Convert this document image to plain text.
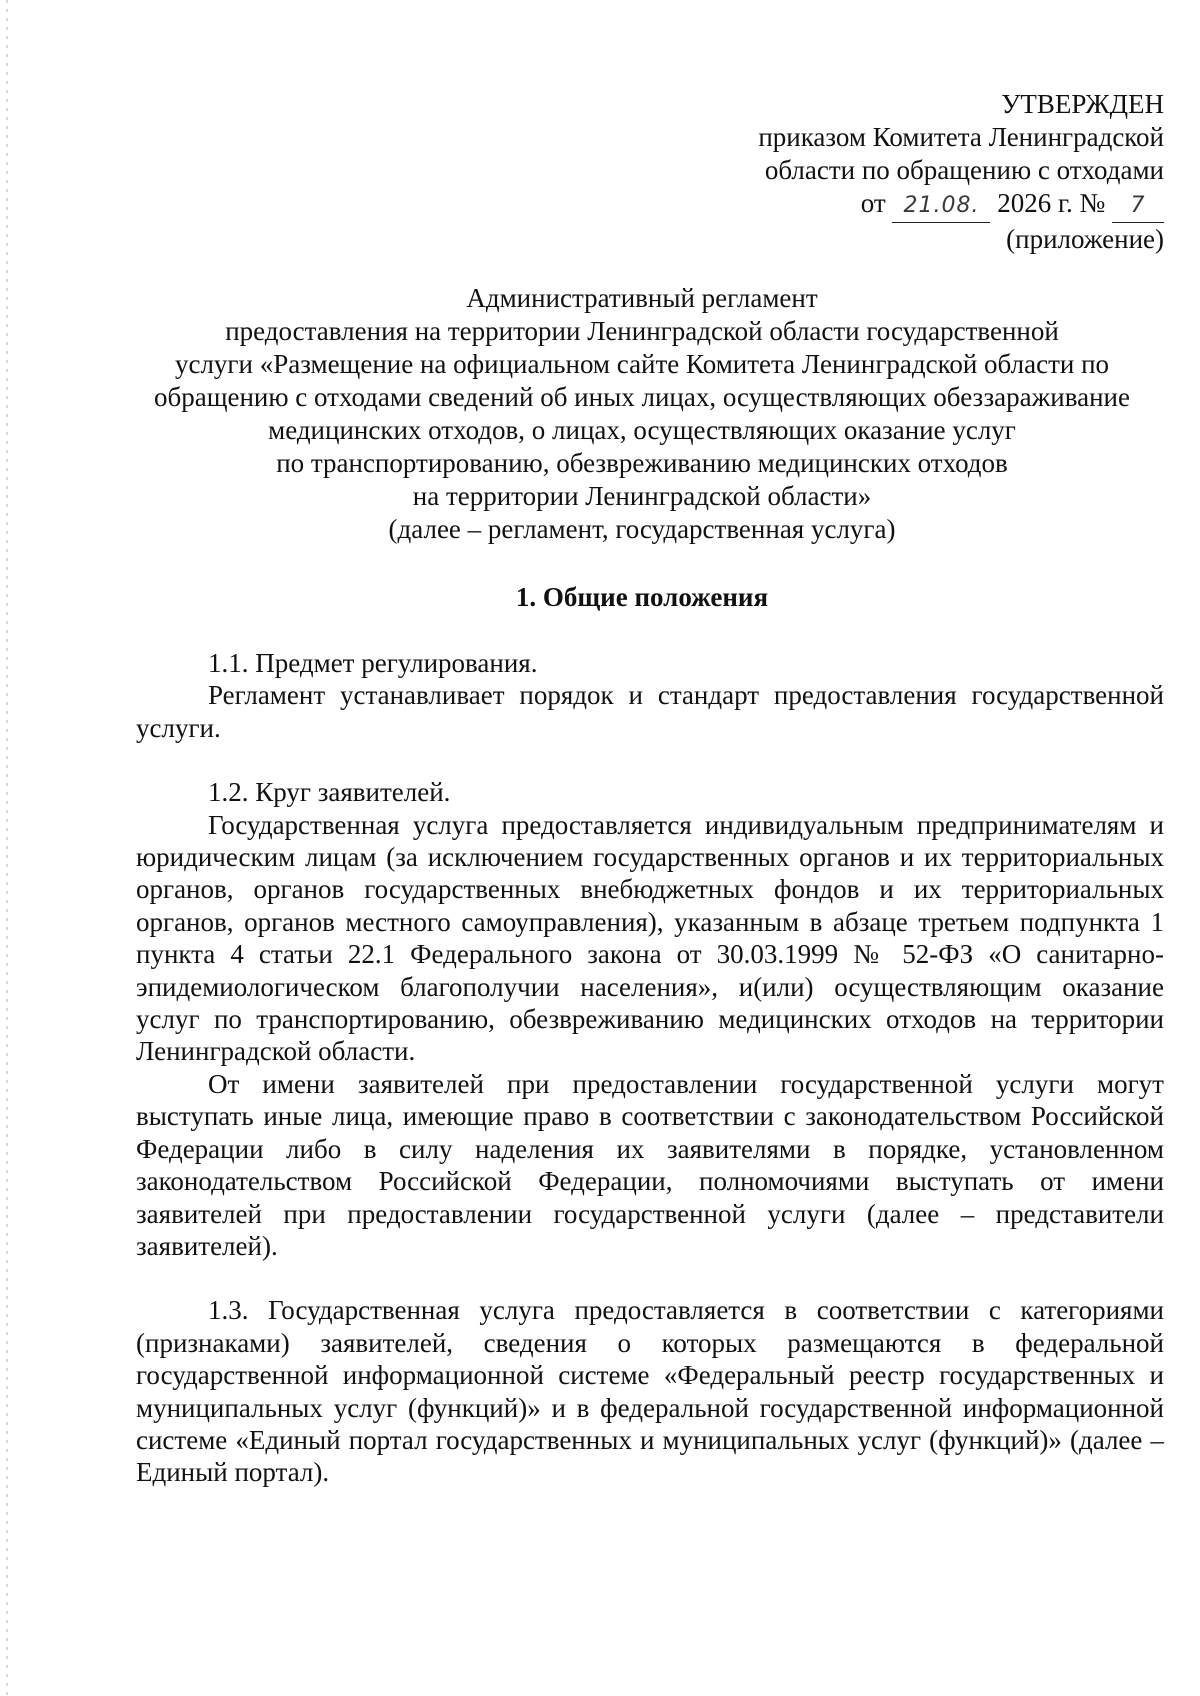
УТВЕРЖДЕН
приказом Комитета Ленинградской
области по обращению с отходами
от 21.08. 2026 г. № 7
(приложение)
Административный регламент
предоставления на территории Ленинградской области государственной
услуги «Размещение на официальном сайте Комитета Ленинградской области по
обращению с отходами сведений об иных лицах, осуществляющих обеззараживание
медицинских отходов, о лицах, осуществляющих оказание услуг
по транспортированию, обезвреживанию медицинских отходов
на территории Ленинградской области»
(далее – регламент, государственная услуга)
1. Общие положения

1.1. Предмет регулирования.

Регламент устанавливает порядок и стандарт предоставления государственной услуги.

1.2. Круг заявителей.

Государственная услуга предоставляется индивидуальным предпринимателям и юридическим лицам (за исключением государственных органов и их территориальных органов, органов государственных внебюджетных фондов и их территориальных органов, органов местного самоуправления), указанным в абзаце третьем подпункта 1 пункта 4 статьи 22.1 Федерального закона от 30.03.1999 № 52-ФЗ «О санитарно-эпидемиологическом благополучии населения», и(или) осуществляющим оказание услуг по транспортированию, обезвреживанию медицинских отходов на территории Ленинградской области.

От имени заявителей при предоставлении государственной услуги могут выступать иные лица, имеющие право в соответствии с законодательством Российской Федерации либо в силу наделения их заявителями в порядке, установленном законодательством Российской Федерации, полномочиями выступать от имени заявителей при предоставлении государственной услуги (далее – представители заявителей).

1.3. Государственная услуга предоставляется в соответствии с категориями (признаками) заявителей, сведения о которых размещаются в федеральной государственной информационной системе «Федеральный реестр государственных и муниципальных услуг (функций)» и в федеральной государственной информационной системе «Единый портал государственных и муниципальных услуг (функций)» (далее – Единый портал).
